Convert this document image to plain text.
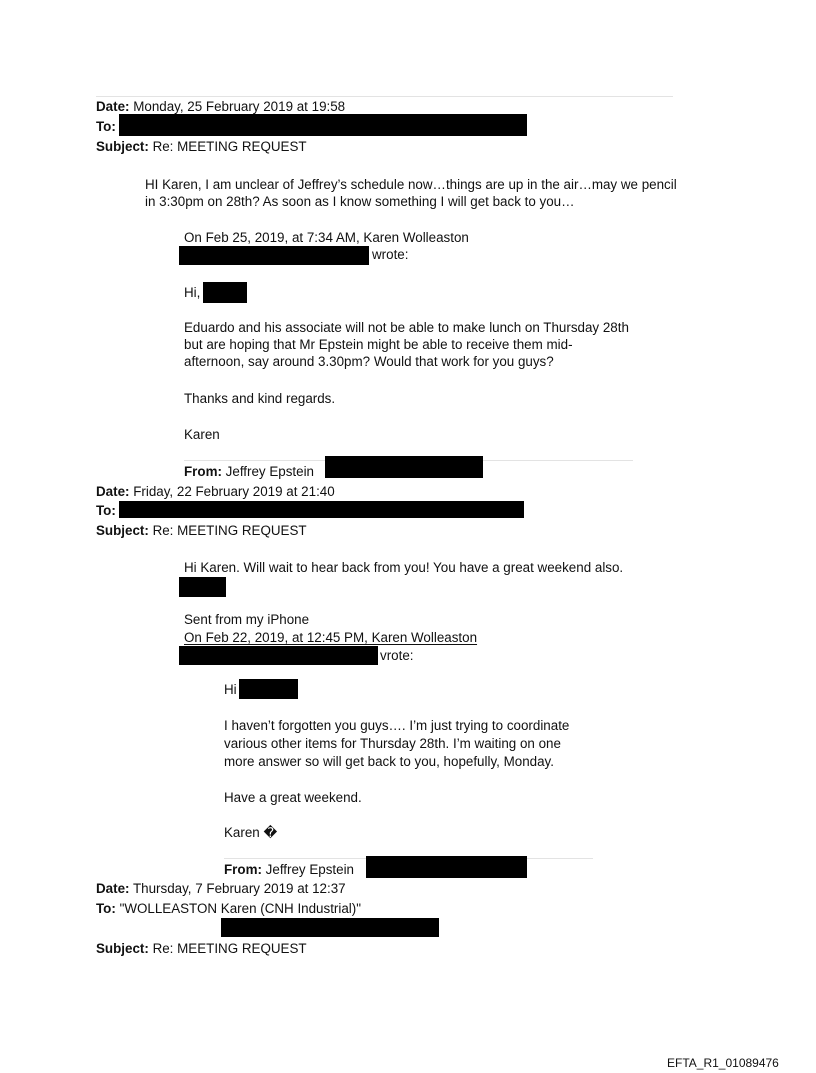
Date: Monday, 25 February 2019 at 19:58
To:
Subject: Re: MEETING REQUEST
HI Karen, I am unclear of Jeffrey’s schedule now…things are up in the air…may we pencil
in 3:30pm on 28th? As soon as I know something I will get back to you…
On Feb 25, 2019, at 7:34 AM, Karen Wolleaston
wrote:
Hi,
Eduardo and his associate will not be able to make lunch on Thursday 28th
but are hoping that Mr Epstein might be able to receive them mid-
afternoon, say around 3.30pm? Would that work for you guys?
Thanks and kind regards.
Karen
From: Jeffrey Epstein
Date: Friday, 22 February 2019 at 21:40
To:
Subject: Re: MEETING REQUEST
Hi Karen. Will wait to hear back from you! You have a great weekend also.
Sent from my iPhone
On Feb 22, 2019, at 12:45 PM, Karen Wolleaston
vrote:
Hi
I haven’t forgotten you guys…. I’m just trying to coordinate
various other items for Thursday 28th. I’m waiting on one
more answer so will get back to you, hopefully, Monday.
Have a great weekend.
Karen �
From: Jeffrey Epstein
Date: Thursday, 7 February 2019 at 12:37
To: "WOLLEASTON Karen (CNH Industrial)"
Subject: Re: MEETING REQUEST
EFTA_R1_01089476
